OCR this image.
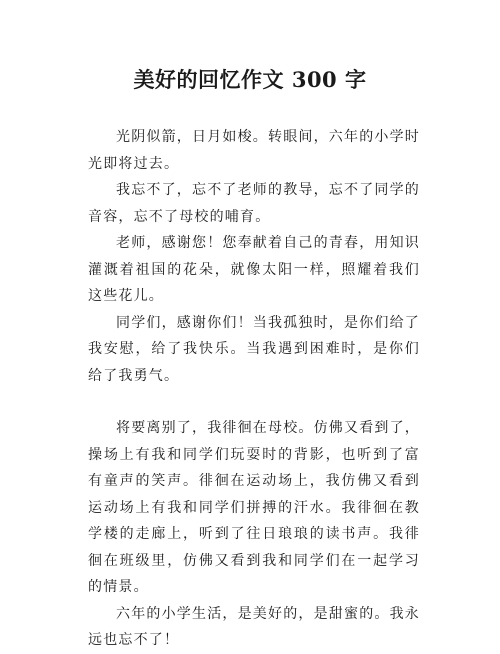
美好的回忆作文 300 字

光阴似箭，日月如梭。转眼间，六年的小学时光即将过去。

我忘不了，忘不了老师的教导，忘不了同学的音容，忘不了母校的哺育。

老师，感谢您！您奉献着自己的青春，用知识灌溉着祖国的花朵，就像太阳一样，照耀着我们这些花儿。

同学们，感谢你们！当我孤独时，是你们给了我安慰，给了我快乐。当我遇到困难时，是你们给了我勇气。

将要离别了，我徘徊在母校。仿佛又看到了，操场上有我和同学们玩耍时的背影，也听到了富有童声的笑声。徘徊在运动场上，我仿佛又看到运动场上有我和同学们拼搏的汗水。我徘徊在教学楼的走廊上，听到了往日琅琅的读书声。我徘徊在班级里，仿佛又看到我和同学们在一起学习的情景。

六年的小学生活，是美好的，是甜蜜的。我永远也忘不了！
